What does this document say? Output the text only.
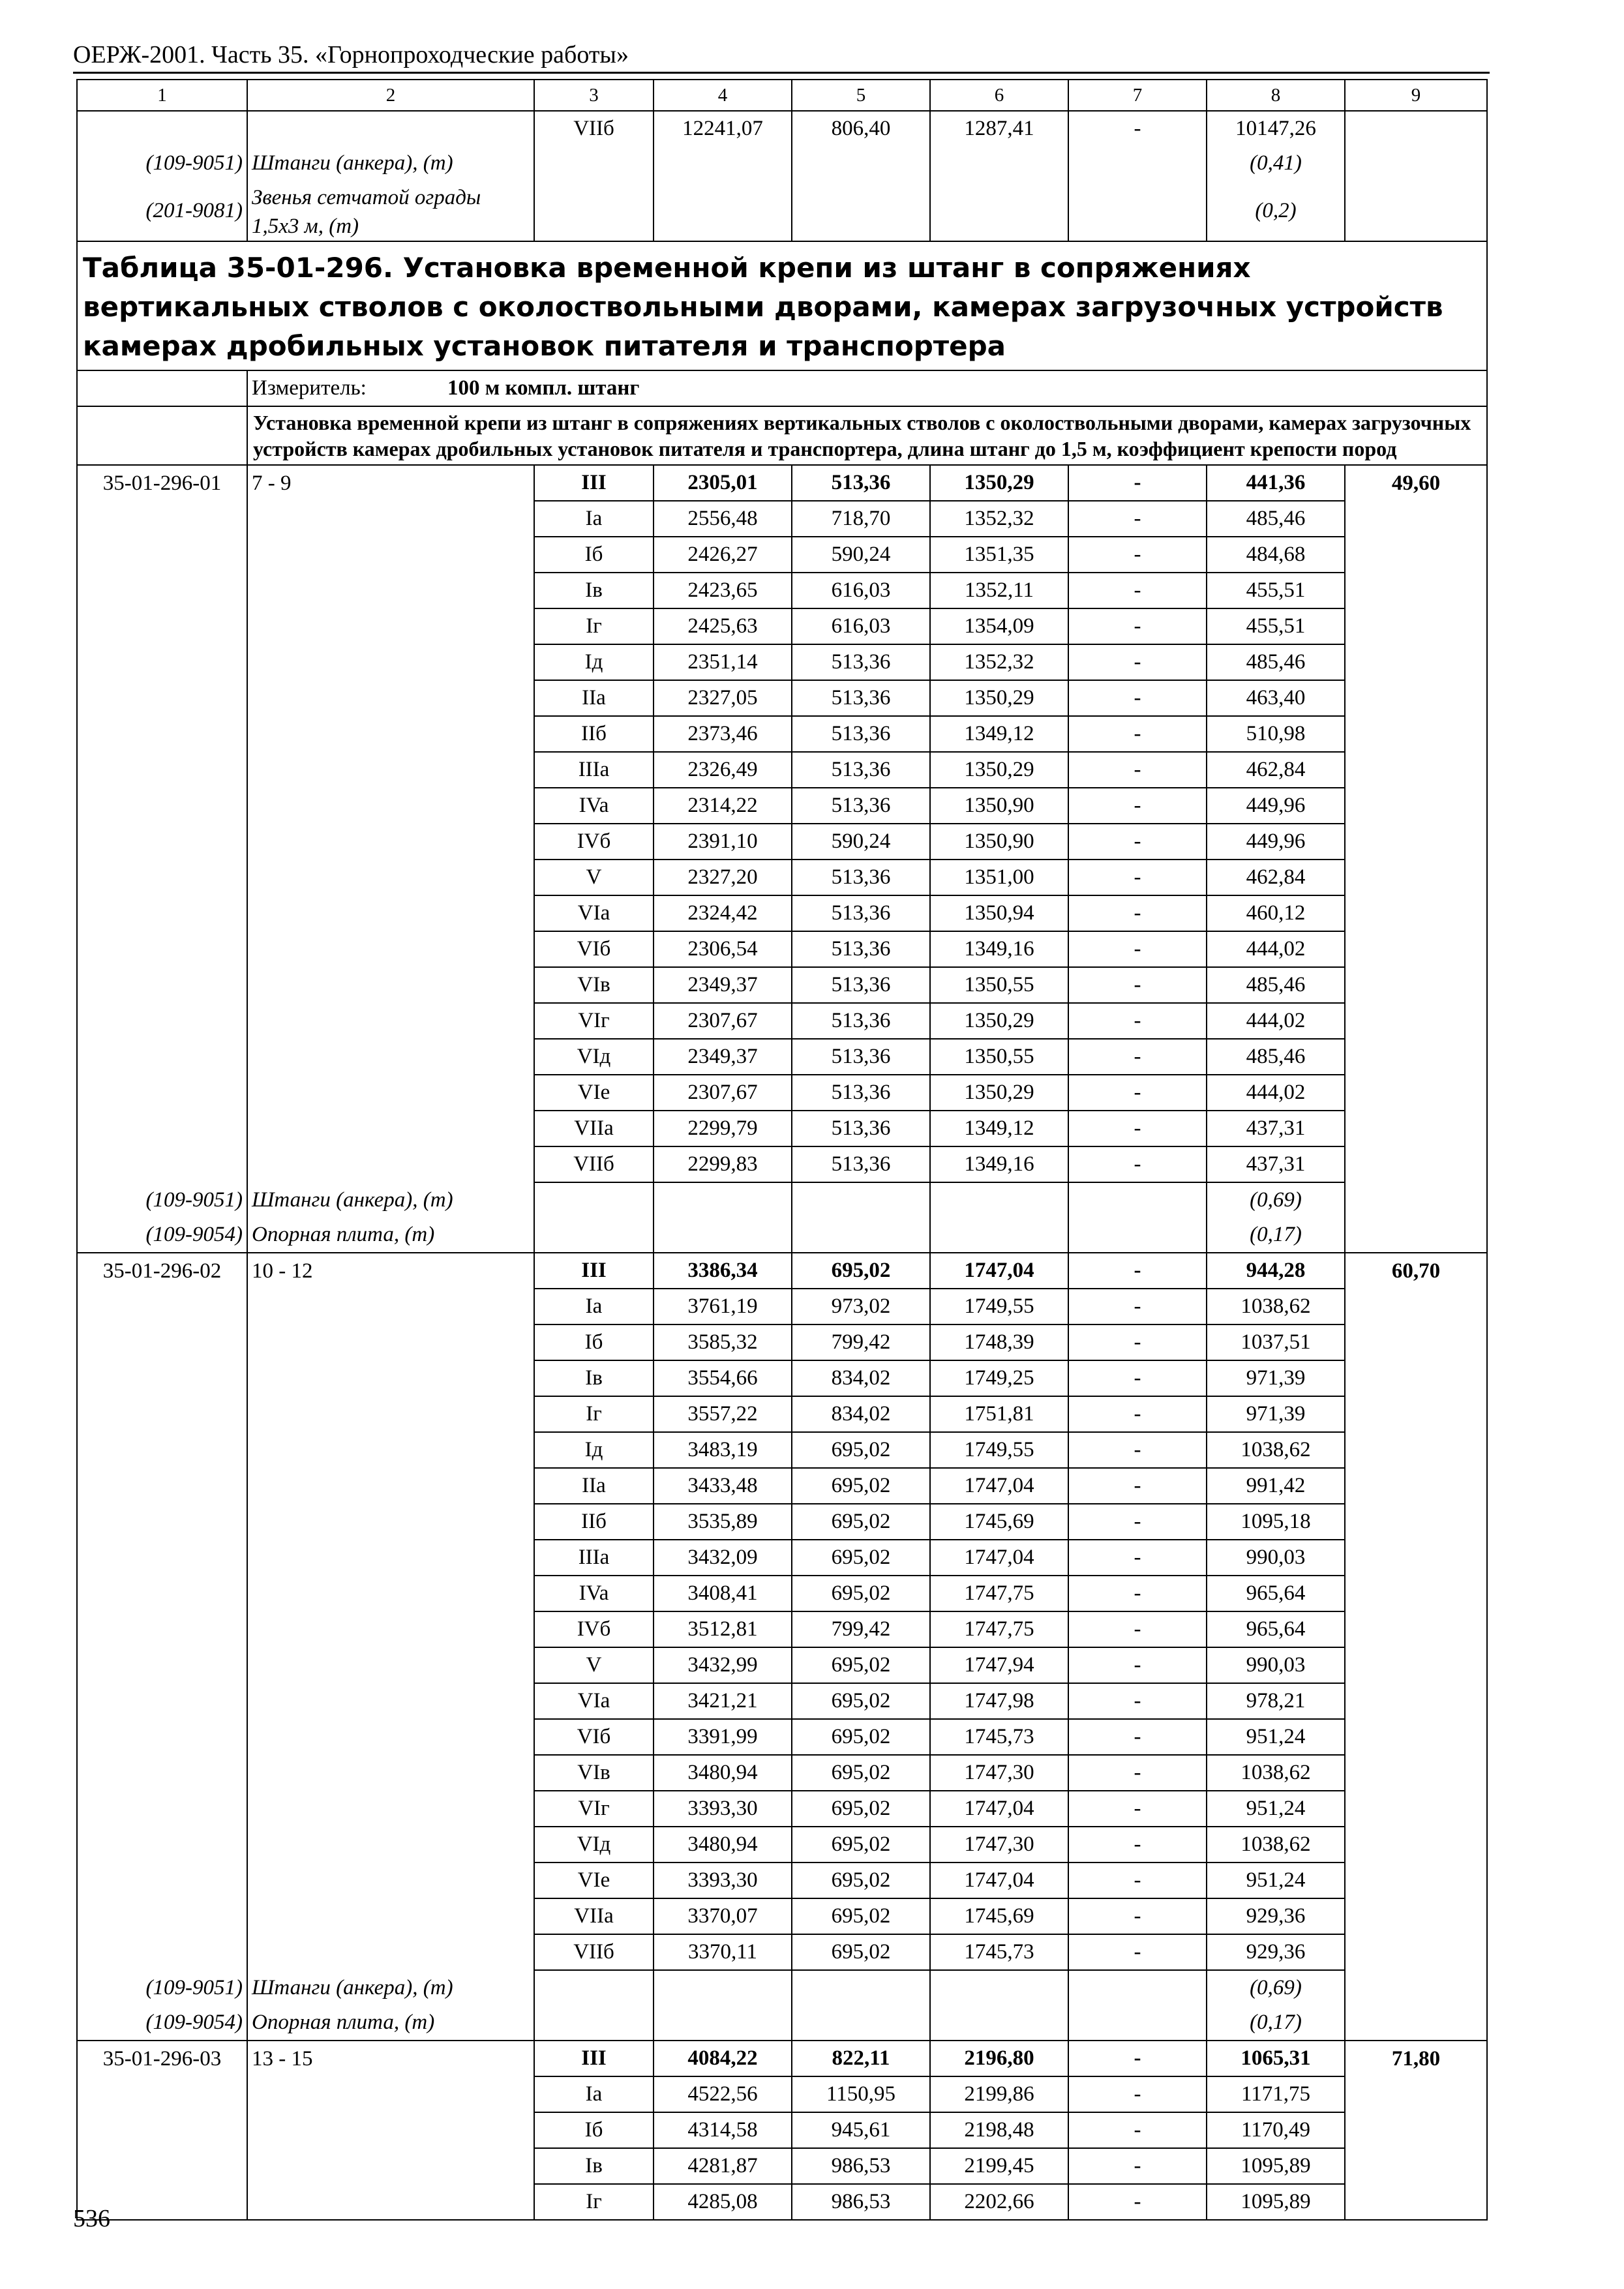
ОЕРЖ-2001. Часть 35. «Горнопроходческие работы»
1	2	3	4	5	6	7	8	9
		VIIб	12241,07	806,40	1287,41	-	10147,26	
(109-9051)	Штанги (анкера), (т)						(0,41)	
(201-9081)	Звенья сетчатой ограды 1,5х3 м, (т)						(0,2)	
Таблица 35-01-296. Установка временной крепи из штанг в сопряжениях вертикальных стволов с околоствольными дворами, камерах загрузочных устройств камерах дробильных установок питателя и транспортера								
	Измеритель: 100 м компл. штанг							
	Установка временной крепи из штанг в сопряжениях вертикальных стволов с околоствольными дворами, камерах загрузочных устройств камерах дробильных установок питателя и транспортера, длина штанг до 1,5 м, коэффициент крепости пород							
35-01-296-01	7 - 9	III	2305,01	513,36	1350,29	-	441,36	49,60
		Ia	2556,48	718,70	1352,32	-	485,46	
		Iб	2426,27	590,24	1351,35	-	484,68	
		Iв	2423,65	616,03	1352,11	-	455,51	
		Iг	2425,63	616,03	1354,09	-	455,51	
		Iд	2351,14	513,36	1352,32	-	485,46	
		IIa	2327,05	513,36	1350,29	-	463,40	
		IIб	2373,46	513,36	1349,12	-	510,98	
		IIIa	2326,49	513,36	1350,29	-	462,84	
		IVa	2314,22	513,36	1350,90	-	449,96	
		IVб	2391,10	590,24	1350,90	-	449,96	
		V	2327,20	513,36	1351,00	-	462,84	
		VIa	2324,42	513,36	1350,94	-	460,12	
		VIб	2306,54	513,36	1349,16	-	444,02	
		VIв	2349,37	513,36	1350,55	-	485,46	
		VIг	2307,67	513,36	1350,29	-	444,02	
		VIд	2349,37	513,36	1350,55	-	485,46	
		VIe	2307,67	513,36	1350,29	-	444,02	
		VIIa	2299,79	513,36	1349,12	-	437,31	
		VIIб	2299,83	513,36	1349,16	-	437,31	
(109-9051)	Штанги (анкера), (т)						(0,69)	
(109-9054)	Опорная плита, (т)						(0,17)	
35-01-296-02	10 - 12	III	3386,34	695,02	1747,04	-	944,28	60,70
		Ia	3761,19	973,02	1749,55	-	1038,62	
		Iб	3585,32	799,42	1748,39	-	1037,51	
		Iв	3554,66	834,02	1749,25	-	971,39	
		Iг	3557,22	834,02	1751,81	-	971,39	
		Iд	3483,19	695,02	1749,55	-	1038,62	
		IIa	3433,48	695,02	1747,04	-	991,42	
		IIб	3535,89	695,02	1745,69	-	1095,18	
		IIIa	3432,09	695,02	1747,04	-	990,03	
		IVa	3408,41	695,02	1747,75	-	965,64	
		IVб	3512,81	799,42	1747,75	-	965,64	
		V	3432,99	695,02	1747,94	-	990,03	
		VIa	3421,21	695,02	1747,98	-	978,21	
		VIб	3391,99	695,02	1745,73	-	951,24	
		VIв	3480,94	695,02	1747,30	-	1038,62	
		VIг	3393,30	695,02	1747,04	-	951,24	
		VIд	3480,94	695,02	1747,30	-	1038,62	
		VIe	3393,30	695,02	1747,04	-	951,24	
		VIIa	3370,07	695,02	1745,69	-	929,36	
		VIIб	3370,11	695,02	1745,73	-	929,36	
(109-9051)	Штанги (анкера), (т)						(0,69)	
(109-9054)	Опорная плита, (т)						(0,17)	
35-01-296-03	13 - 15	III	4084,22	822,11	2196,80	-	1065,31	71,80
		Ia	4522,56	1150,95	2199,86	-	1171,75	
		Iб	4314,58	945,61	2198,48	-	1170,49	
		Iв	4281,87	986,53	2199,45	-	1095,89	
		Iг	4285,08	986,53	2202,66	-	1095,89	
536
